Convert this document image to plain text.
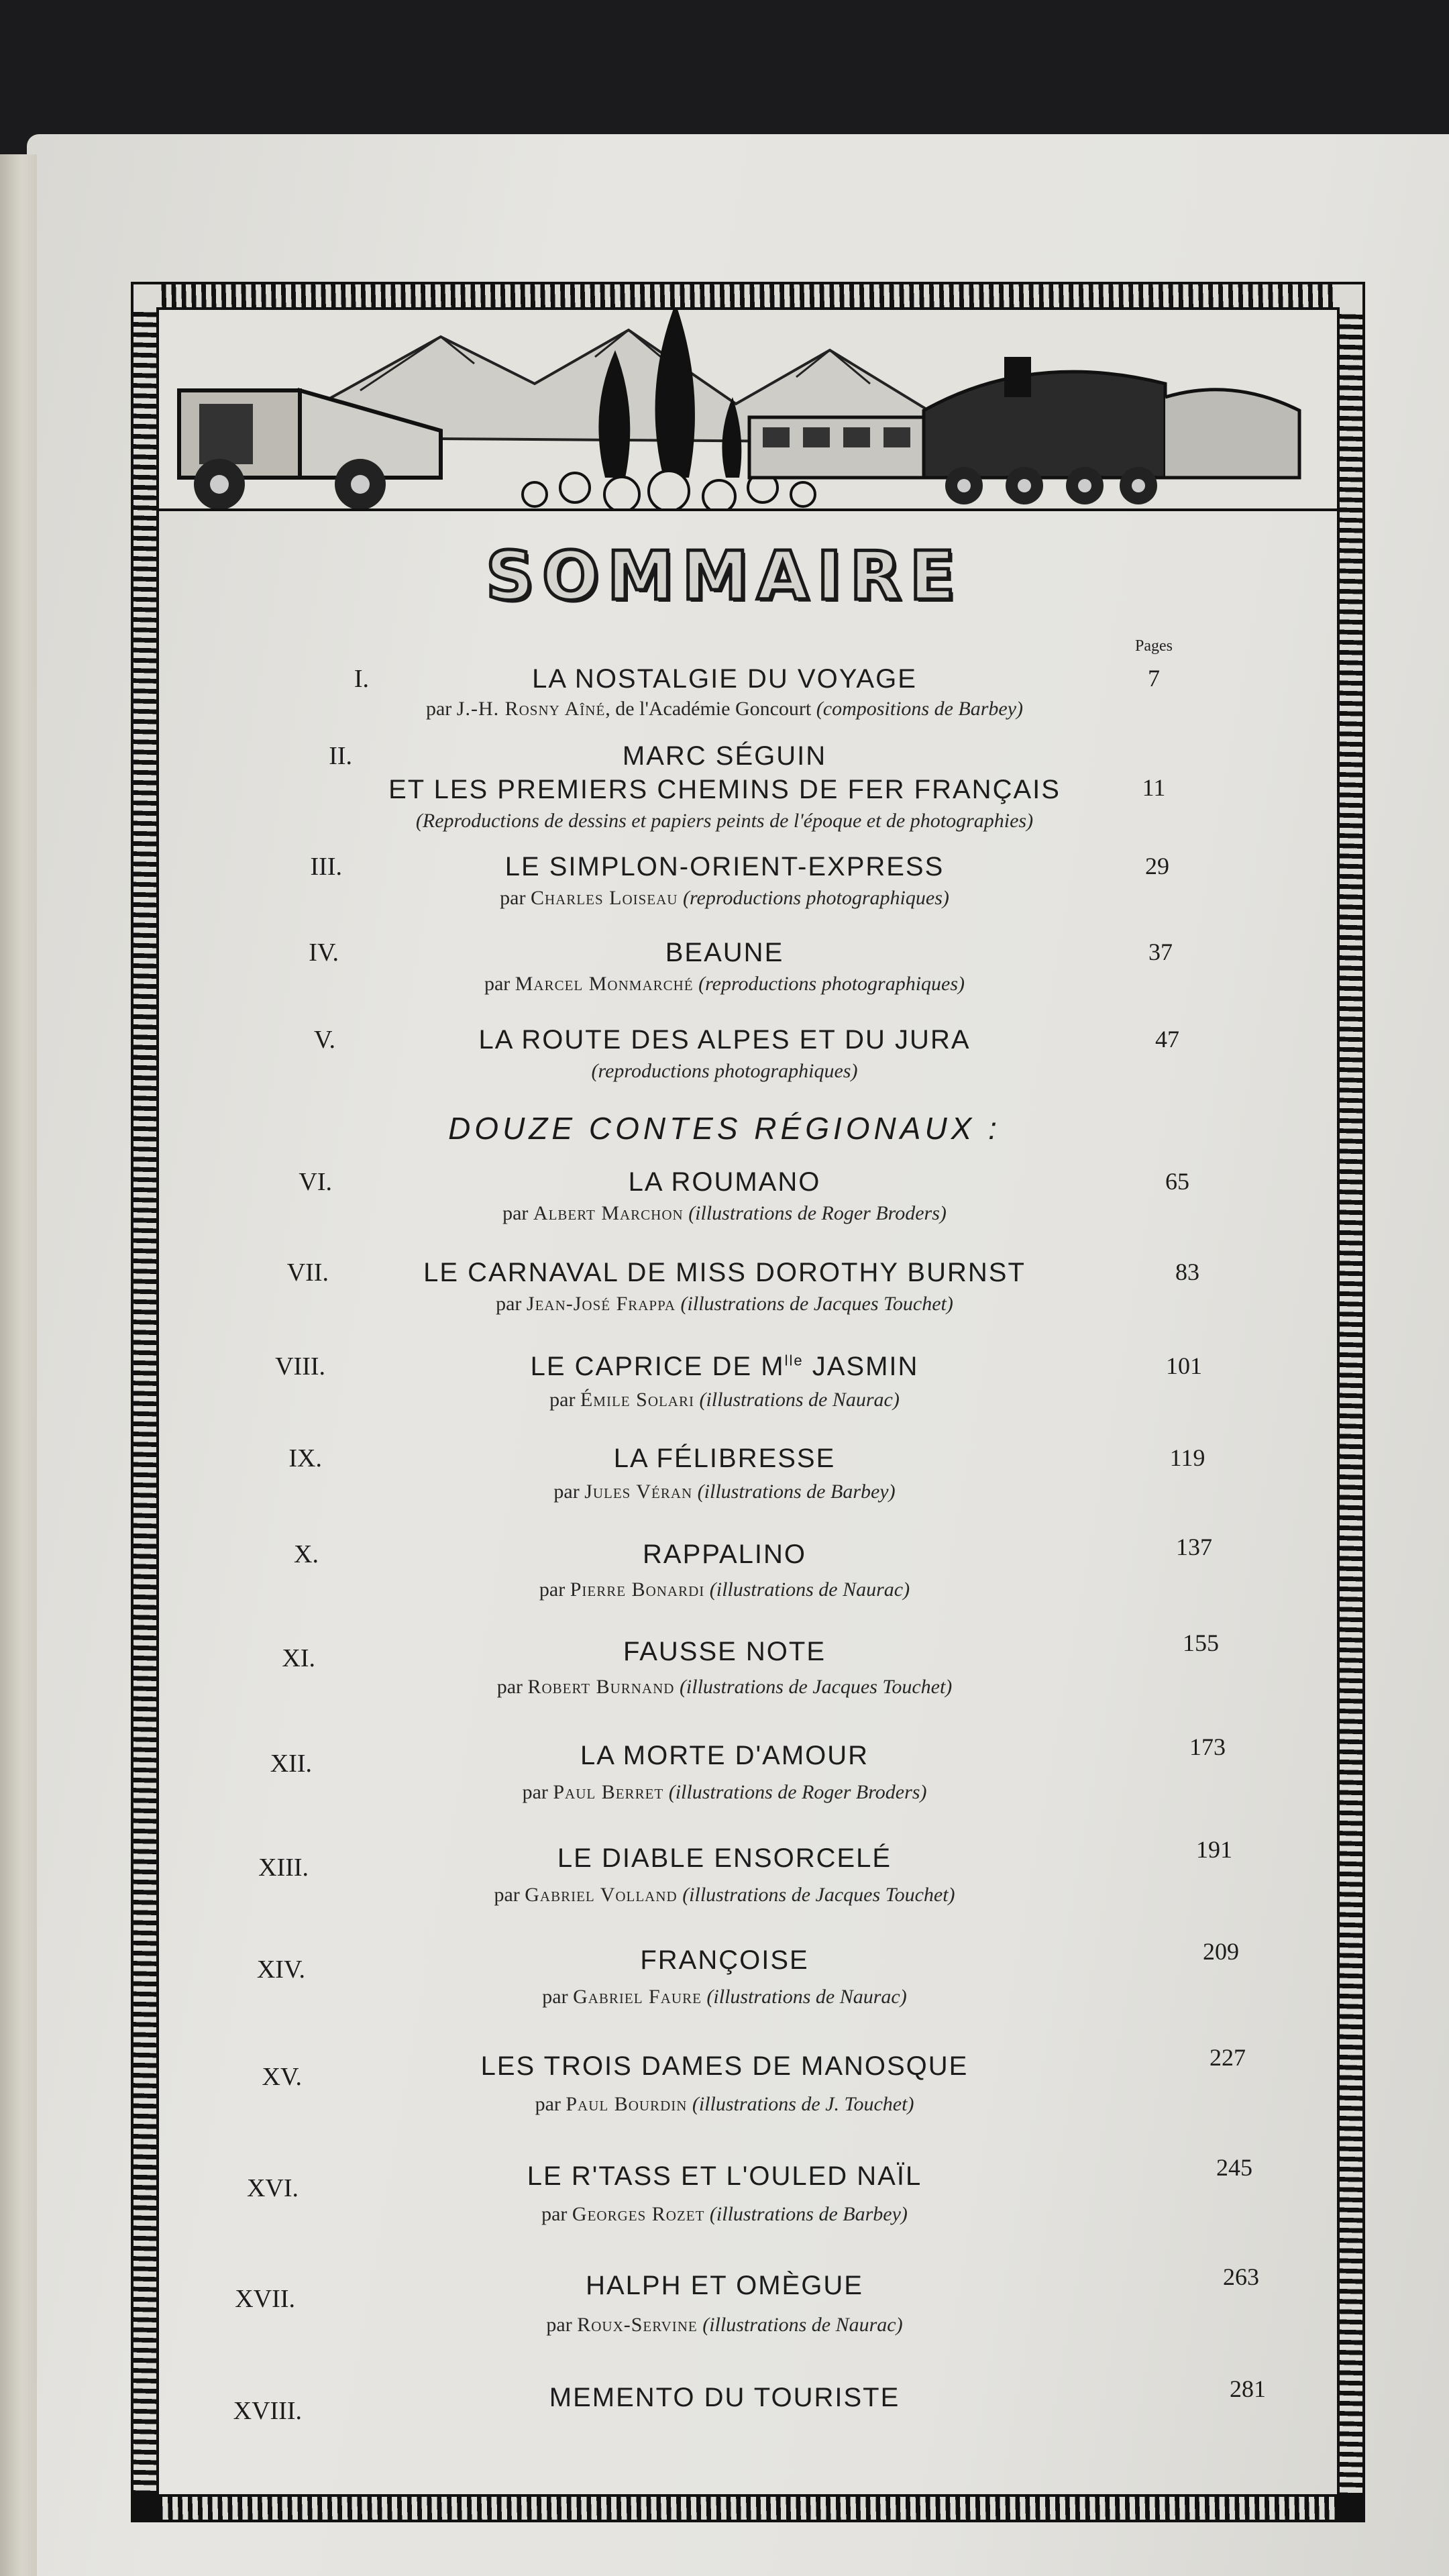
SOMMAIRE
Pages
DOUZE CONTES RÉGIONAUX :
I.	LA NOSTALGIE DU VOYAGE
par J.-H. Rosny Aîné, de l'Académie Goncourt (compositions de Barbey)
7
II.	MARC SÉGUIN
ET LES PREMIERS CHEMINS DE FER FRANÇAIS
(Reproductions de dessins et papiers peints de l'époque et de photographies)
11
III.	LE SIMPLON-ORIENT-EXPRESS
par Charles Loiseau (reproductions photographiques)
29
IV.	BEAUNE
par Marcel Monmarché (reproductions photographiques)
37
V.	LA ROUTE DES ALPES ET DU JURA
(reproductions photographiques)
47
VI.	LA ROUMANO
par Albert Marchon (illustrations de Roger Broders)
65
VII.	LE CARNAVAL DE MISS DOROTHY BURNST
par Jean-José Frappa (illustrations de Jacques Touchet)
83
VIII.	LE CAPRICE DE $M^{lle}$ JASMIN
par Émile Solari (illustrations de Naurac)
101
IX.	LA FÉLIBRESSE
par Jules Véran (illustrations de Barbey)
119
X.	RAPPALINO
par Pierre Bonardi (illustrations de Naurac)
137
XI.	FAUSSE NOTE
par Robert Burnand (illustrations de Jacques Touchet)
155
XII.	LA MORTE D'AMOUR
par Paul Berret (illustrations de Roger Broders)
173
XIII.	LE DIABLE ENSORCELÉ
par Gabriel Volland (illustrations de Jacques Touchet)
191
XIV.	FRANÇOISE
par Gabriel Faure (illustrations de Naurac)
209
XV.	LES TROIS DAMES DE MANOSQUE
par Paul Bourdin (illustrations de J. Touchet)
227
XVI.	LE R'TASS ET L'OULED NAÏL
par Georges Rozet (illustrations de Barbey)
245
XVII.	HALPH ET OMÈGUE
par Roux-Servine (illustrations de Naurac)
263
XVIII.	MEMENTO DU TOURISTE	281
